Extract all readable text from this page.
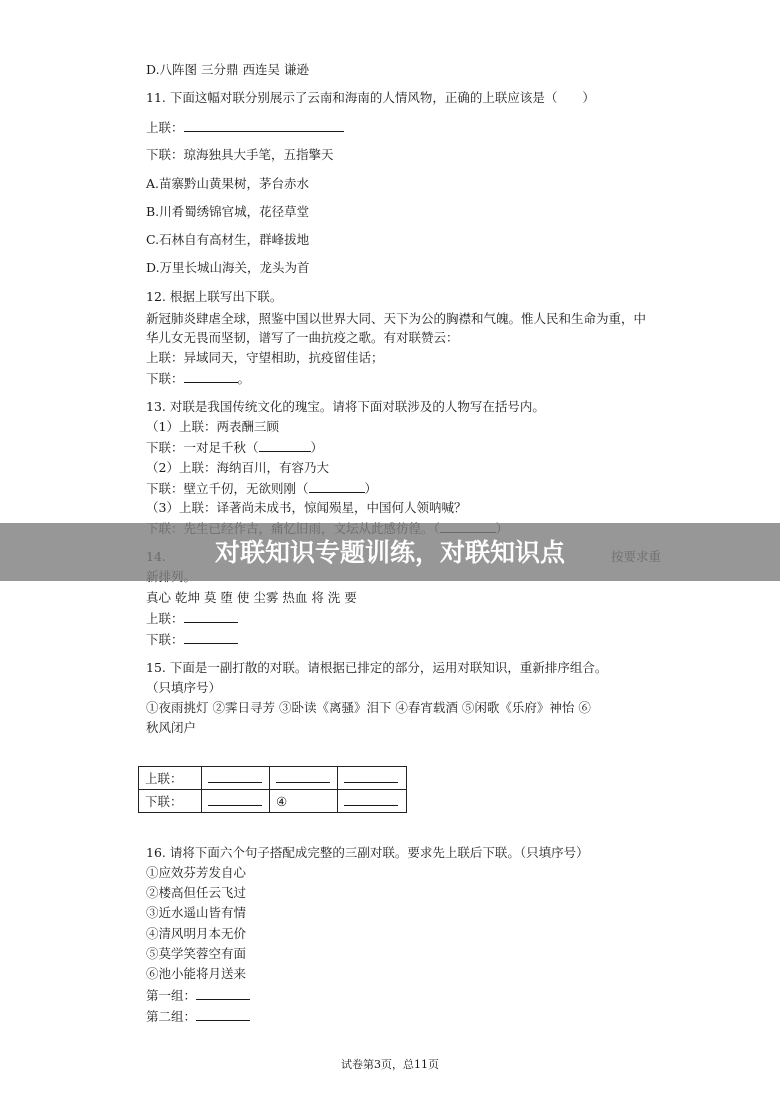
D.八阵图 三分鼎 西连吴 谦逊
11. 下面这幅对联分别展示了云南和海南的人情风物，正确的上联应该是（　　）
上联：
下联：琼海独具大手笔，五指擎天
A.苗寨黔山黄果树，茅台赤水
B.川肴蜀绣锦官城，花径草堂
C.石林自有高材生，群峰拔地
D.万里长城山海关，龙头为首
12. 根据上联写出下联。
新冠肺炎肆虐全球，照鉴中国以世界大同、天下为公的胸襟和气魄。惟人民和生命为重，中华儿女无畏而坚韧，谱写了一曲抗疫之歌。有对联赞云：
上联：异域同天，守望相助，抗疫留佳话；
下联：	。
13. 对联是我国传统文化的瑰宝。请将下面对联涉及的人物写在括号内。
（1）上联：两表酬三顾
下联：一对足千秋（	）
（2）上联：海纳百川，有容乃大
下联：壁立千仞，无欲则刚（	）
（3）上联：译著尚未成书，惊闻殒星，中国何人领呐喊？
真心 乾坤 莫 堕 使 尘雾 热血 将 洗 要
上联：
下联：
对联知识专题训练，对联知识点
15. 下面是一副打散的对联。请根据已排定的部分，运用对联知识，重新排序组合。
（只填序号）
①夜雨挑灯 ②霁日寻芳 ③卧读《离骚》泪下 ④春宵载酒 ⑤闲歌《乐府》神怡 ⑥
秋风闭户
上联：			
下联：		④	
16. 请将下面六个句子搭配成完整的三副对联。要求先上联后下联。（只填序号）
①应效芬芳发自心
②楼高但任云飞过
③近水遥山皆有情
④清风明月本无价
⑤莫学笑蓉空有面
⑥池小能将月送来
第一组：
第二组：
试卷第3页，总11页
